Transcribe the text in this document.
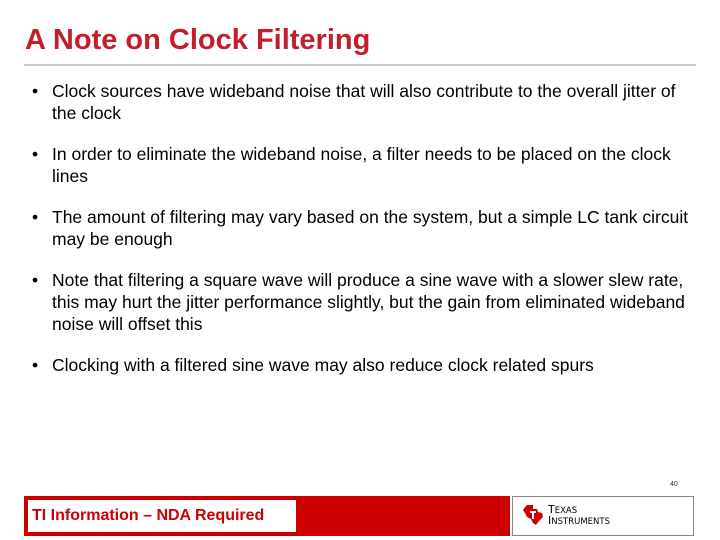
A Note on Clock Filtering
• Clock sources have wideband noise that will also contribute to the overall jitter of the clock
• In order to eliminate the wideband noise, a filter needs to be placed on the clock lines
• The amount of filtering may vary based on the system, but a simple LC tank circuit may be enough
• Note that filtering a square wave will produce a sine wave with a slower slew rate, this may hurt the jitter performance slightly, but the gain from eliminated wideband noise will offset this
• Clocking with a filtered sine wave may also reduce clock related spurs
40
TI Information – NDA Required	TEXAS
INSTRUMENTS
